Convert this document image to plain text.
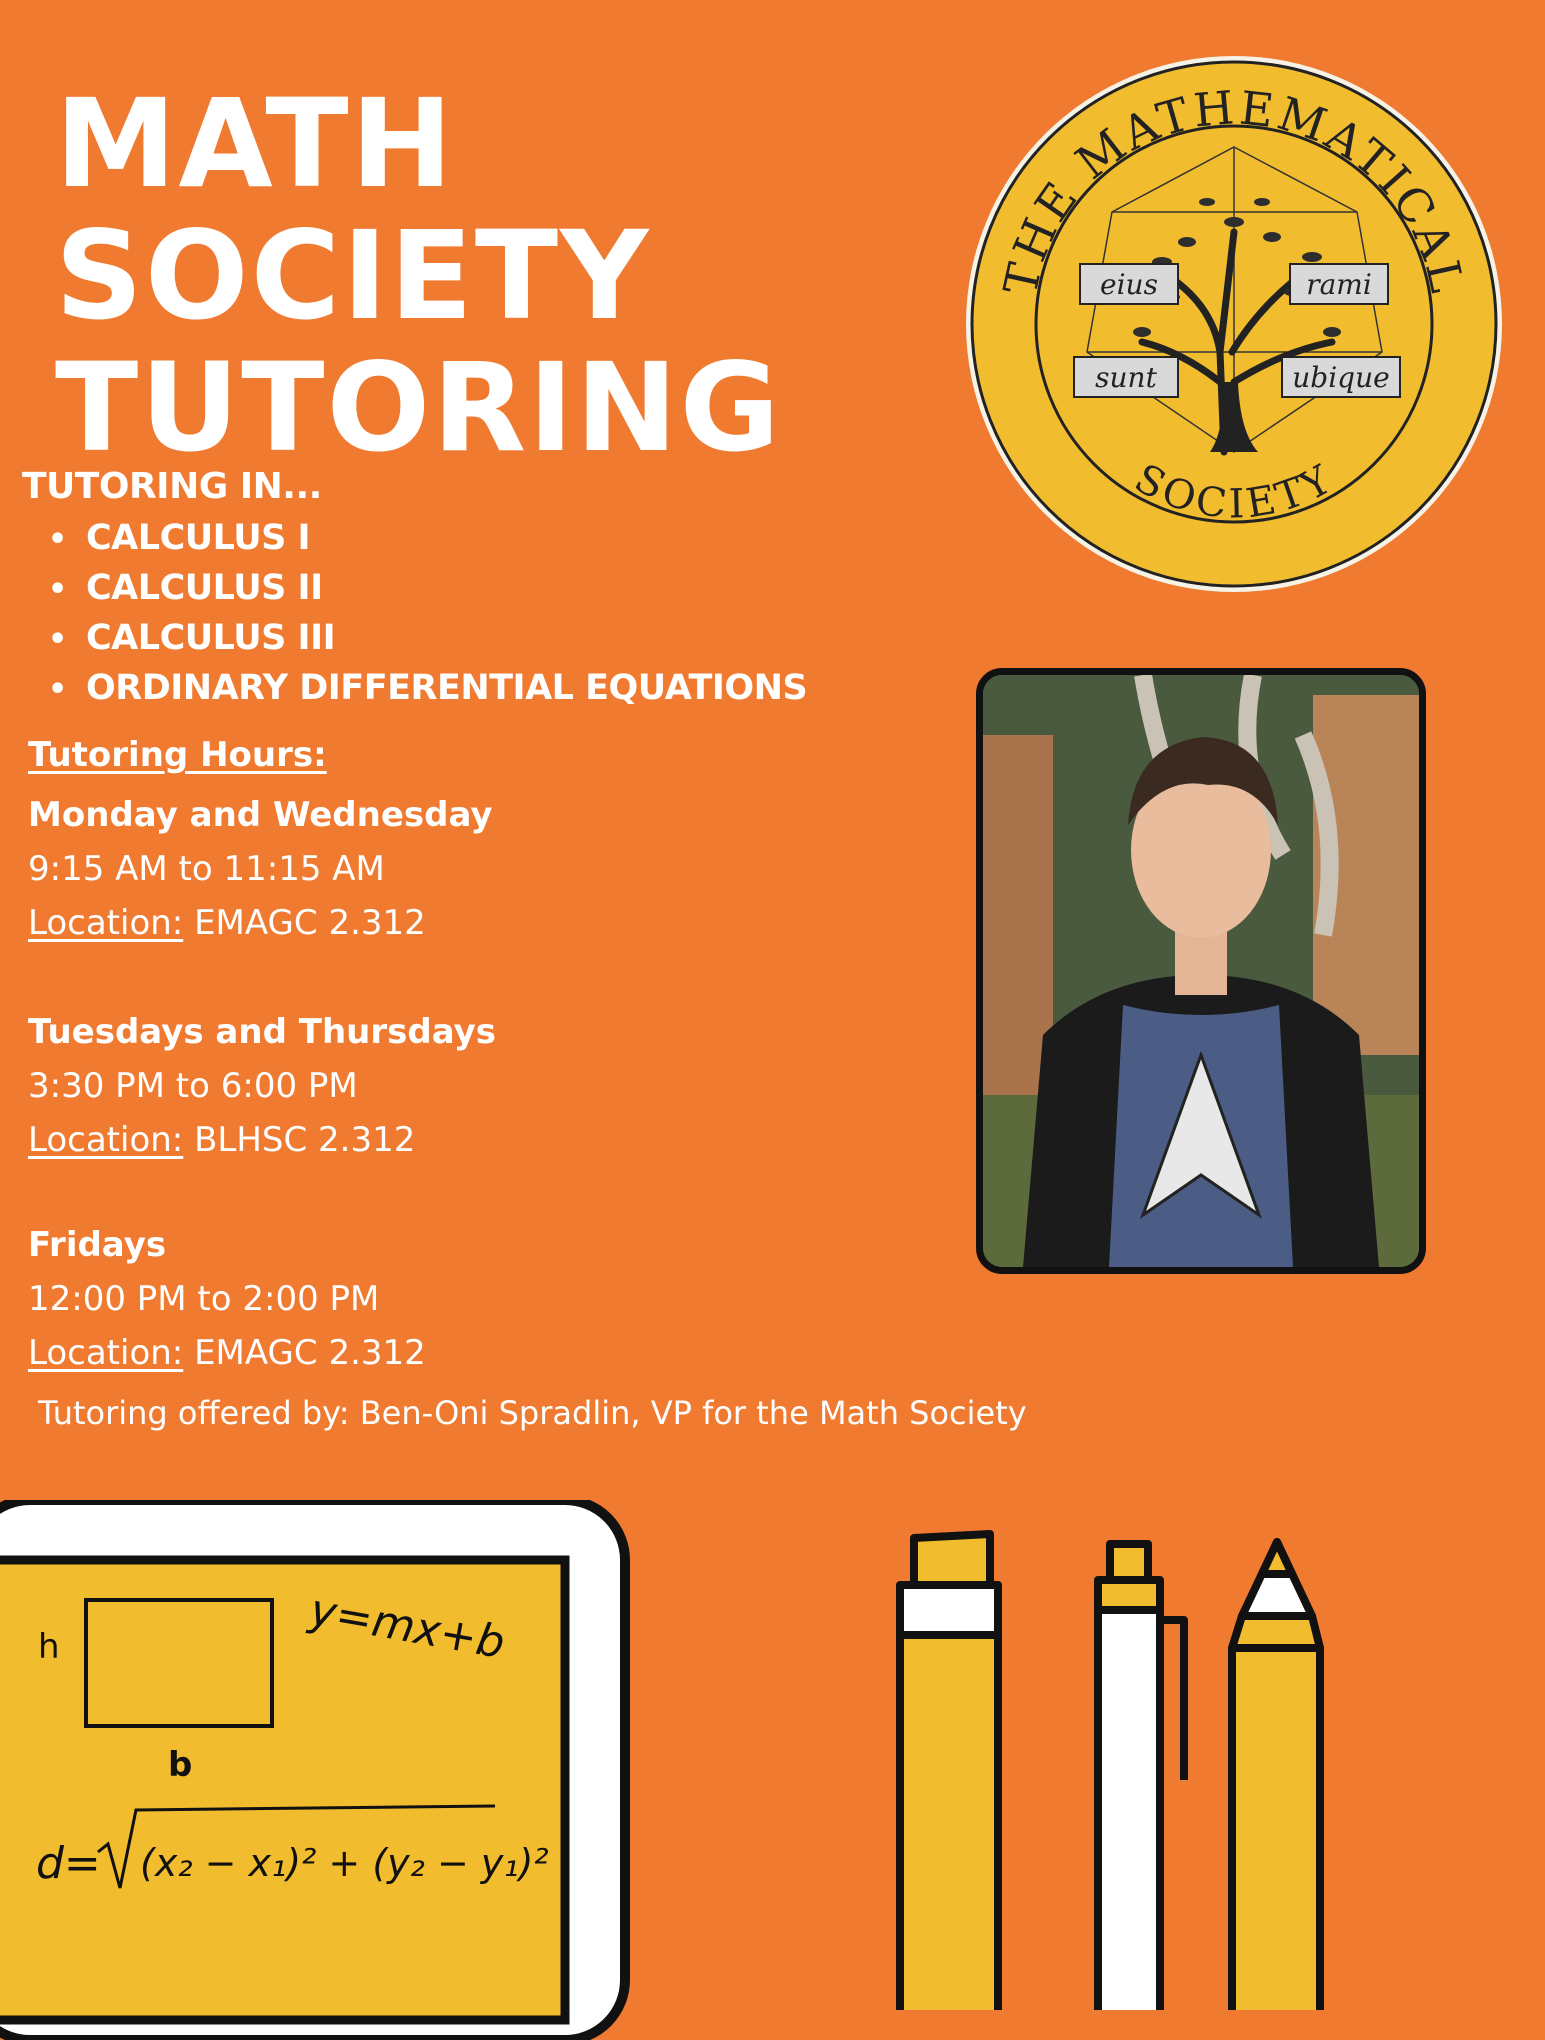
MATH
SOCIETY
TUTORING
TUTORING IN...
• CALCULUS I
• CALCULUS II
• CALCULUS III
• ORDINARY DIFFERENTIAL EQUATIONS
Tutoring Hours:
Monday and Wednesday
9:15 AM to 11:15 AM
Location: EMAGC 2.312
Tuesdays and Thursdays
3:30 PM to 6:00 PM
Location: BLHSC 2.312
Fridays
12:00 PM to 2:00 PM
Location: EMAGC 2.312
Tutoring offered by: Ben-Oni Spradlin, VP for the Math Society
THE MATHEMATICAL
SOCIETY
eius	rami
sunt	ubique
h
b
y=mx+b
d= (x₂ − x₁)² + (y₂ − y₁)²
